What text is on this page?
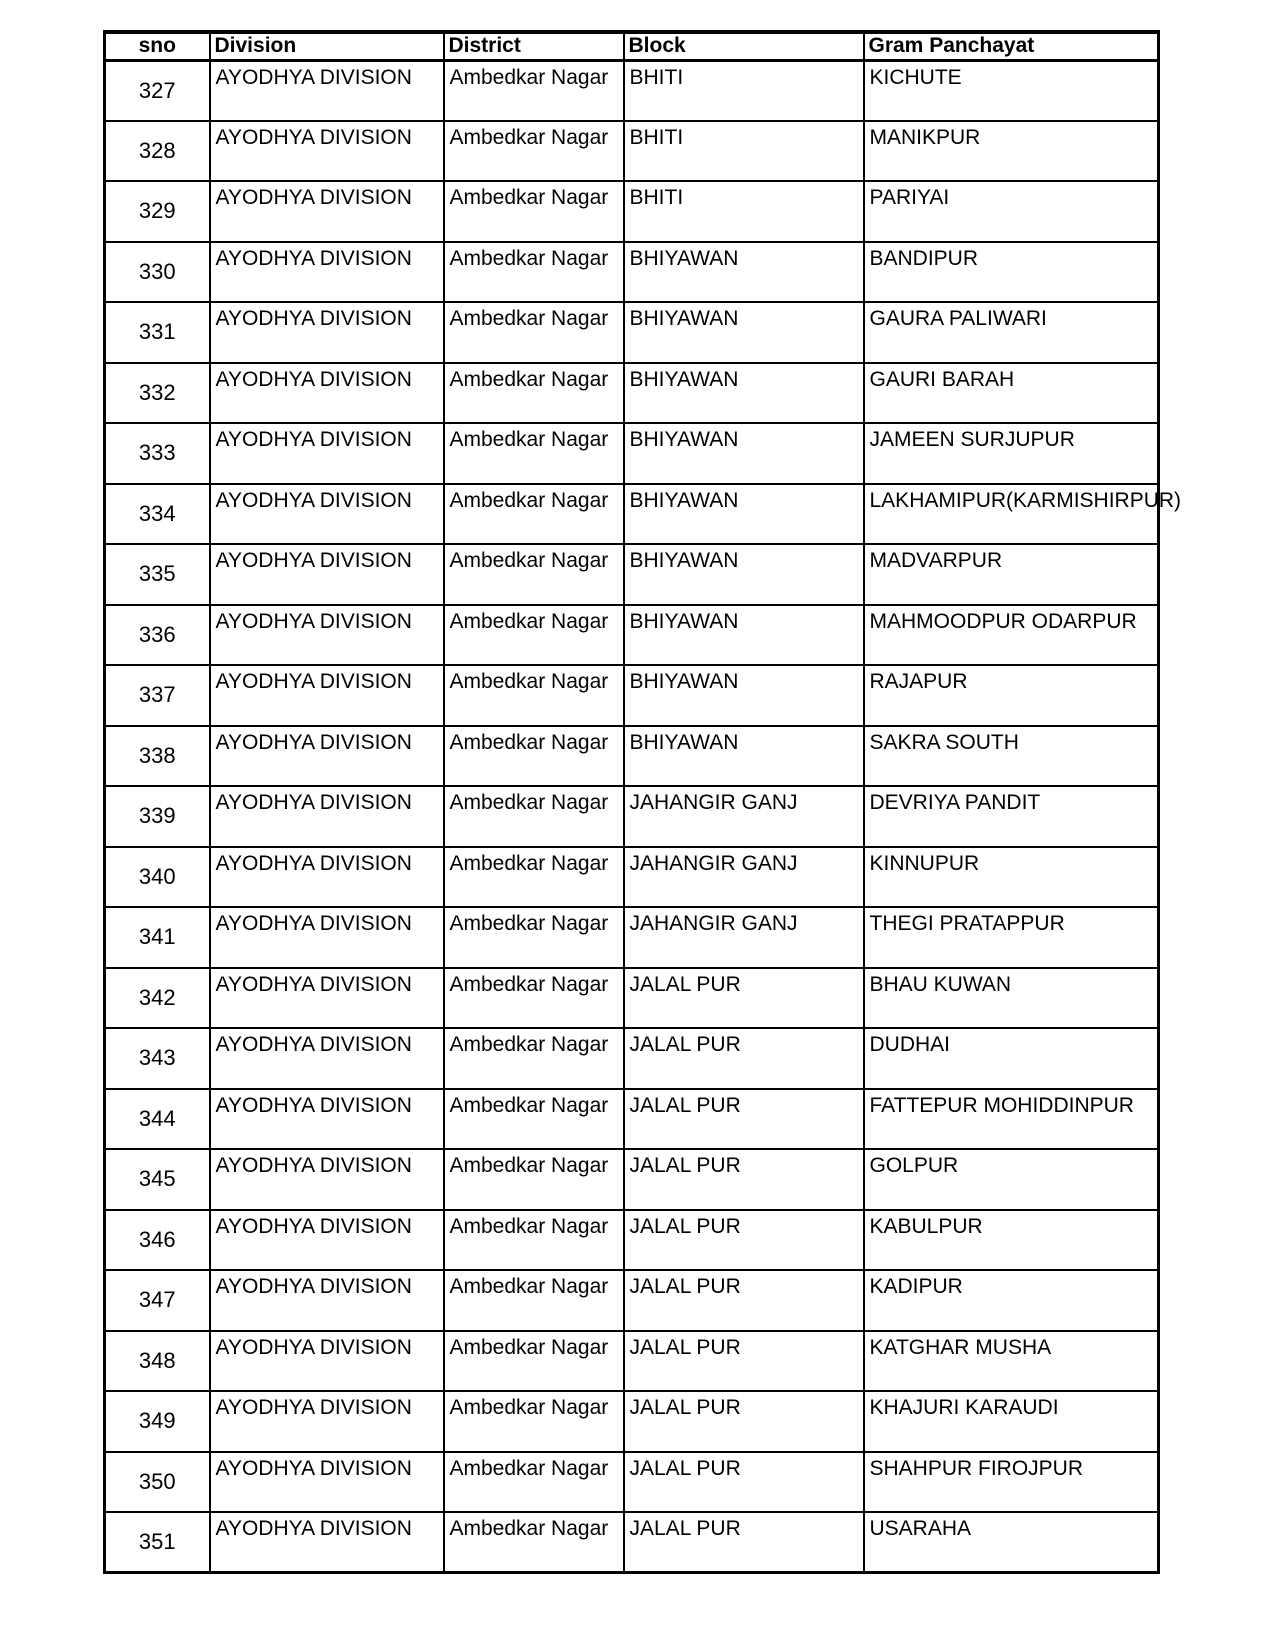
sno	Division	District	Block	Gram Panchayat
327	AYODHYA DIVISION	Ambedkar Nagar	BHITI	KICHUTE
328	AYODHYA DIVISION	Ambedkar Nagar	BHITI	MANIKPUR
329	AYODHYA DIVISION	Ambedkar Nagar	BHITI	PARIYAI
330	AYODHYA DIVISION	Ambedkar Nagar	BHIYAWAN	BANDIPUR
331	AYODHYA DIVISION	Ambedkar Nagar	BHIYAWAN	GAURA PALIWARI
332	AYODHYA DIVISION	Ambedkar Nagar	BHIYAWAN	GAURI BARAH
333	AYODHYA DIVISION	Ambedkar Nagar	BHIYAWAN	JAMEEN SURJUPUR
334	AYODHYA DIVISION	Ambedkar Nagar	BHIYAWAN	LAKHAMIPUR(KARMISHIRPUR)
335	AYODHYA DIVISION	Ambedkar Nagar	BHIYAWAN	MADVARPUR
336	AYODHYA DIVISION	Ambedkar Nagar	BHIYAWAN	MAHMOODPUR ODARPUR
337	AYODHYA DIVISION	Ambedkar Nagar	BHIYAWAN	RAJAPUR
338	AYODHYA DIVISION	Ambedkar Nagar	BHIYAWAN	SAKRA SOUTH
339	AYODHYA DIVISION	Ambedkar Nagar	JAHANGIR GANJ	DEVRIYA PANDIT
340	AYODHYA DIVISION	Ambedkar Nagar	JAHANGIR GANJ	KINNUPUR
341	AYODHYA DIVISION	Ambedkar Nagar	JAHANGIR GANJ	THEGI PRATAPPUR
342	AYODHYA DIVISION	Ambedkar Nagar	JALAL PUR	BHAU KUWAN
343	AYODHYA DIVISION	Ambedkar Nagar	JALAL PUR	DUDHAI
344	AYODHYA DIVISION	Ambedkar Nagar	JALAL PUR	FATTEPUR MOHIDDINPUR
345	AYODHYA DIVISION	Ambedkar Nagar	JALAL PUR	GOLPUR
346	AYODHYA DIVISION	Ambedkar Nagar	JALAL PUR	KABULPUR
347	AYODHYA DIVISION	Ambedkar Nagar	JALAL PUR	KADIPUR
348	AYODHYA DIVISION	Ambedkar Nagar	JALAL PUR	KATGHAR MUSHA
349	AYODHYA DIVISION	Ambedkar Nagar	JALAL PUR	KHAJURI KARAUDI
350	AYODHYA DIVISION	Ambedkar Nagar	JALAL PUR	SHAHPUR FIROJPUR
351	AYODHYA DIVISION	Ambedkar Nagar	JALAL PUR	USARAHA
